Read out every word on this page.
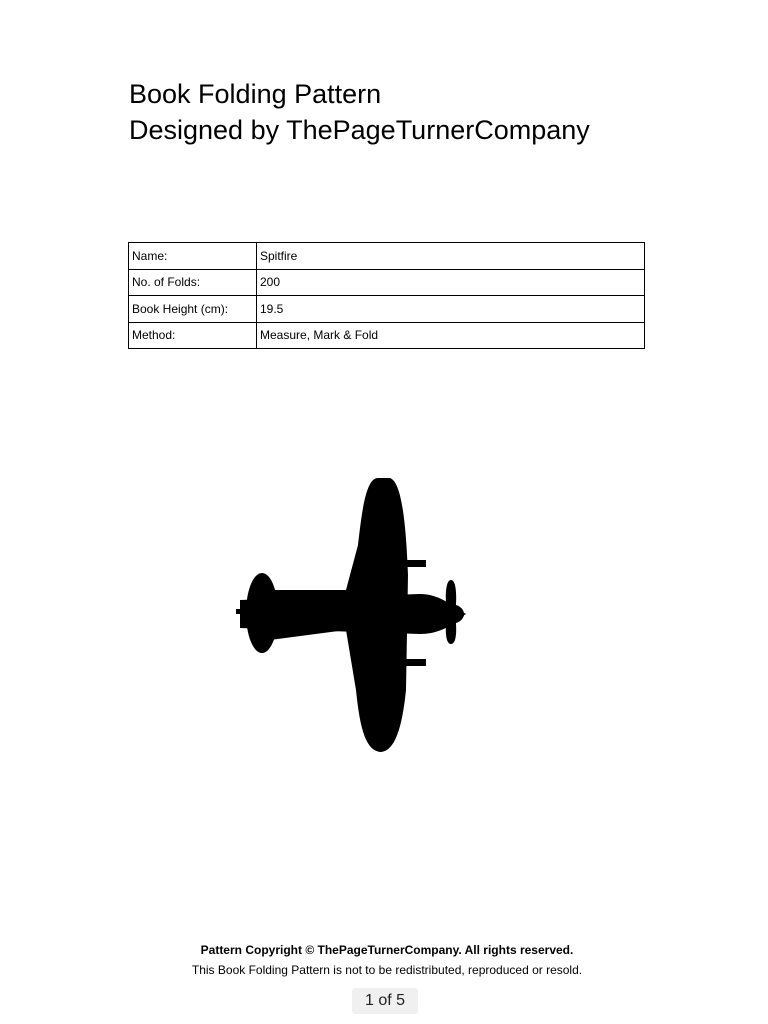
Book Folding Pattern

Designed by ThePageTurnerCompany

Name:	Spitfire
No. of Folds:	200
Book Height (cm):	19.5
Method:	Measure, Mark & Fold
Pattern Copyright © ThePageTurnerCompany. All rights reserved.
This Book Folding Pattern is not to be redistributed, reproduced or resold.
1 of 5
